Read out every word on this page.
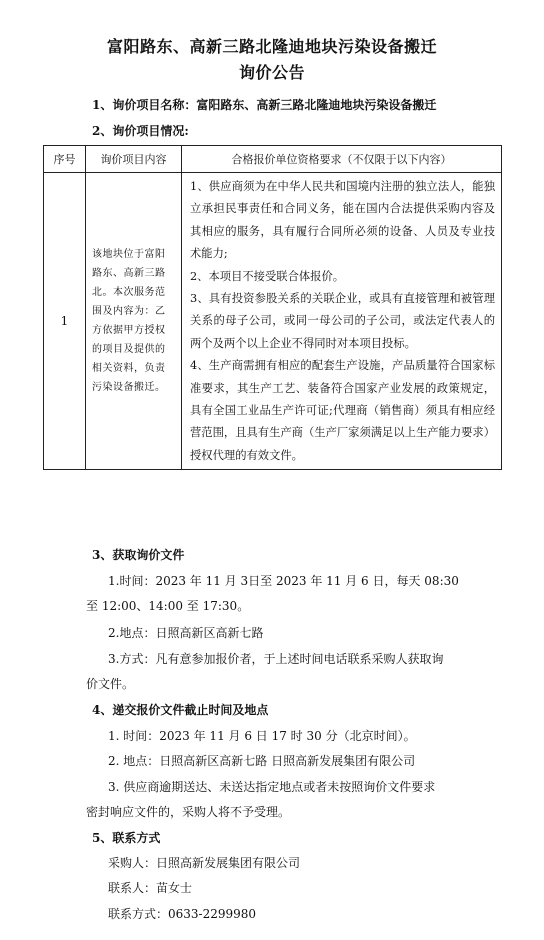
富阳路东、高新三路北隆迪地块污染设备搬迁
询价公告
1、询价项目名称：富阳路东、高新三路北隆迪地块污染设备搬迁
2、询价项目情况:
序号	询价项目内容	合格报价单位资格要求（不仅限于以下内容）
1	该地块位于富阳路东、高新三路北。本次服务范围及内容为：乙方依据甲方授权的项目及提供的相关资料，负责污染设备搬迁。	1、供应商须为在中华人民共和国境内注册的独立法人，能独立承担民事责任和合同义务，能在国内合法提供采购内容及其相应的服务，具有履行合同所必须的设备、人员及专业技术能力;

2、本项目不接受联合体报价。

3、具有投资参股关系的关联企业，或具有直接管理和被管理关系的母子公司，或同一母公司的子公司，或法定代表人的两个及两个以上企业不得同时对本项目投标。

4、生产商需拥有相应的配套生产设施，产品质量符合国家标准要求，其生产工艺、装备符合国家产业发展的政策规定，具有全国工业品生产许可证;代理商（销售商）须具有相应经营范围，且具有生产商（生产厂家须满足以上生产能力要求）授权代理的有效文件。

3、获取询价文件
1.时间：2023 年 11 月 3日至 2023 年 11 月 6 日，每天 08:30
至 12:00、14:00 至 17:30。
2.地点：日照高新区高新七路
3.方式：凡有意参加报价者，于上述时间电话联系采购人获取询
价文件。
4、递交报价文件截止时间及地点
1. 时间：2023 年 11 月 6 日 17 时 30 分（北京时间）。
2. 地点：日照高新区高新七路 日照高新发展集团有限公司
3. 供应商逾期送达、未送达指定地点或者未按照询价文件要求
密封响应文件的，采购人将不予受理。
5、联系方式
采购人：日照高新发展集团有限公司
联系人：苗女士
联系方式：0633-2299980
